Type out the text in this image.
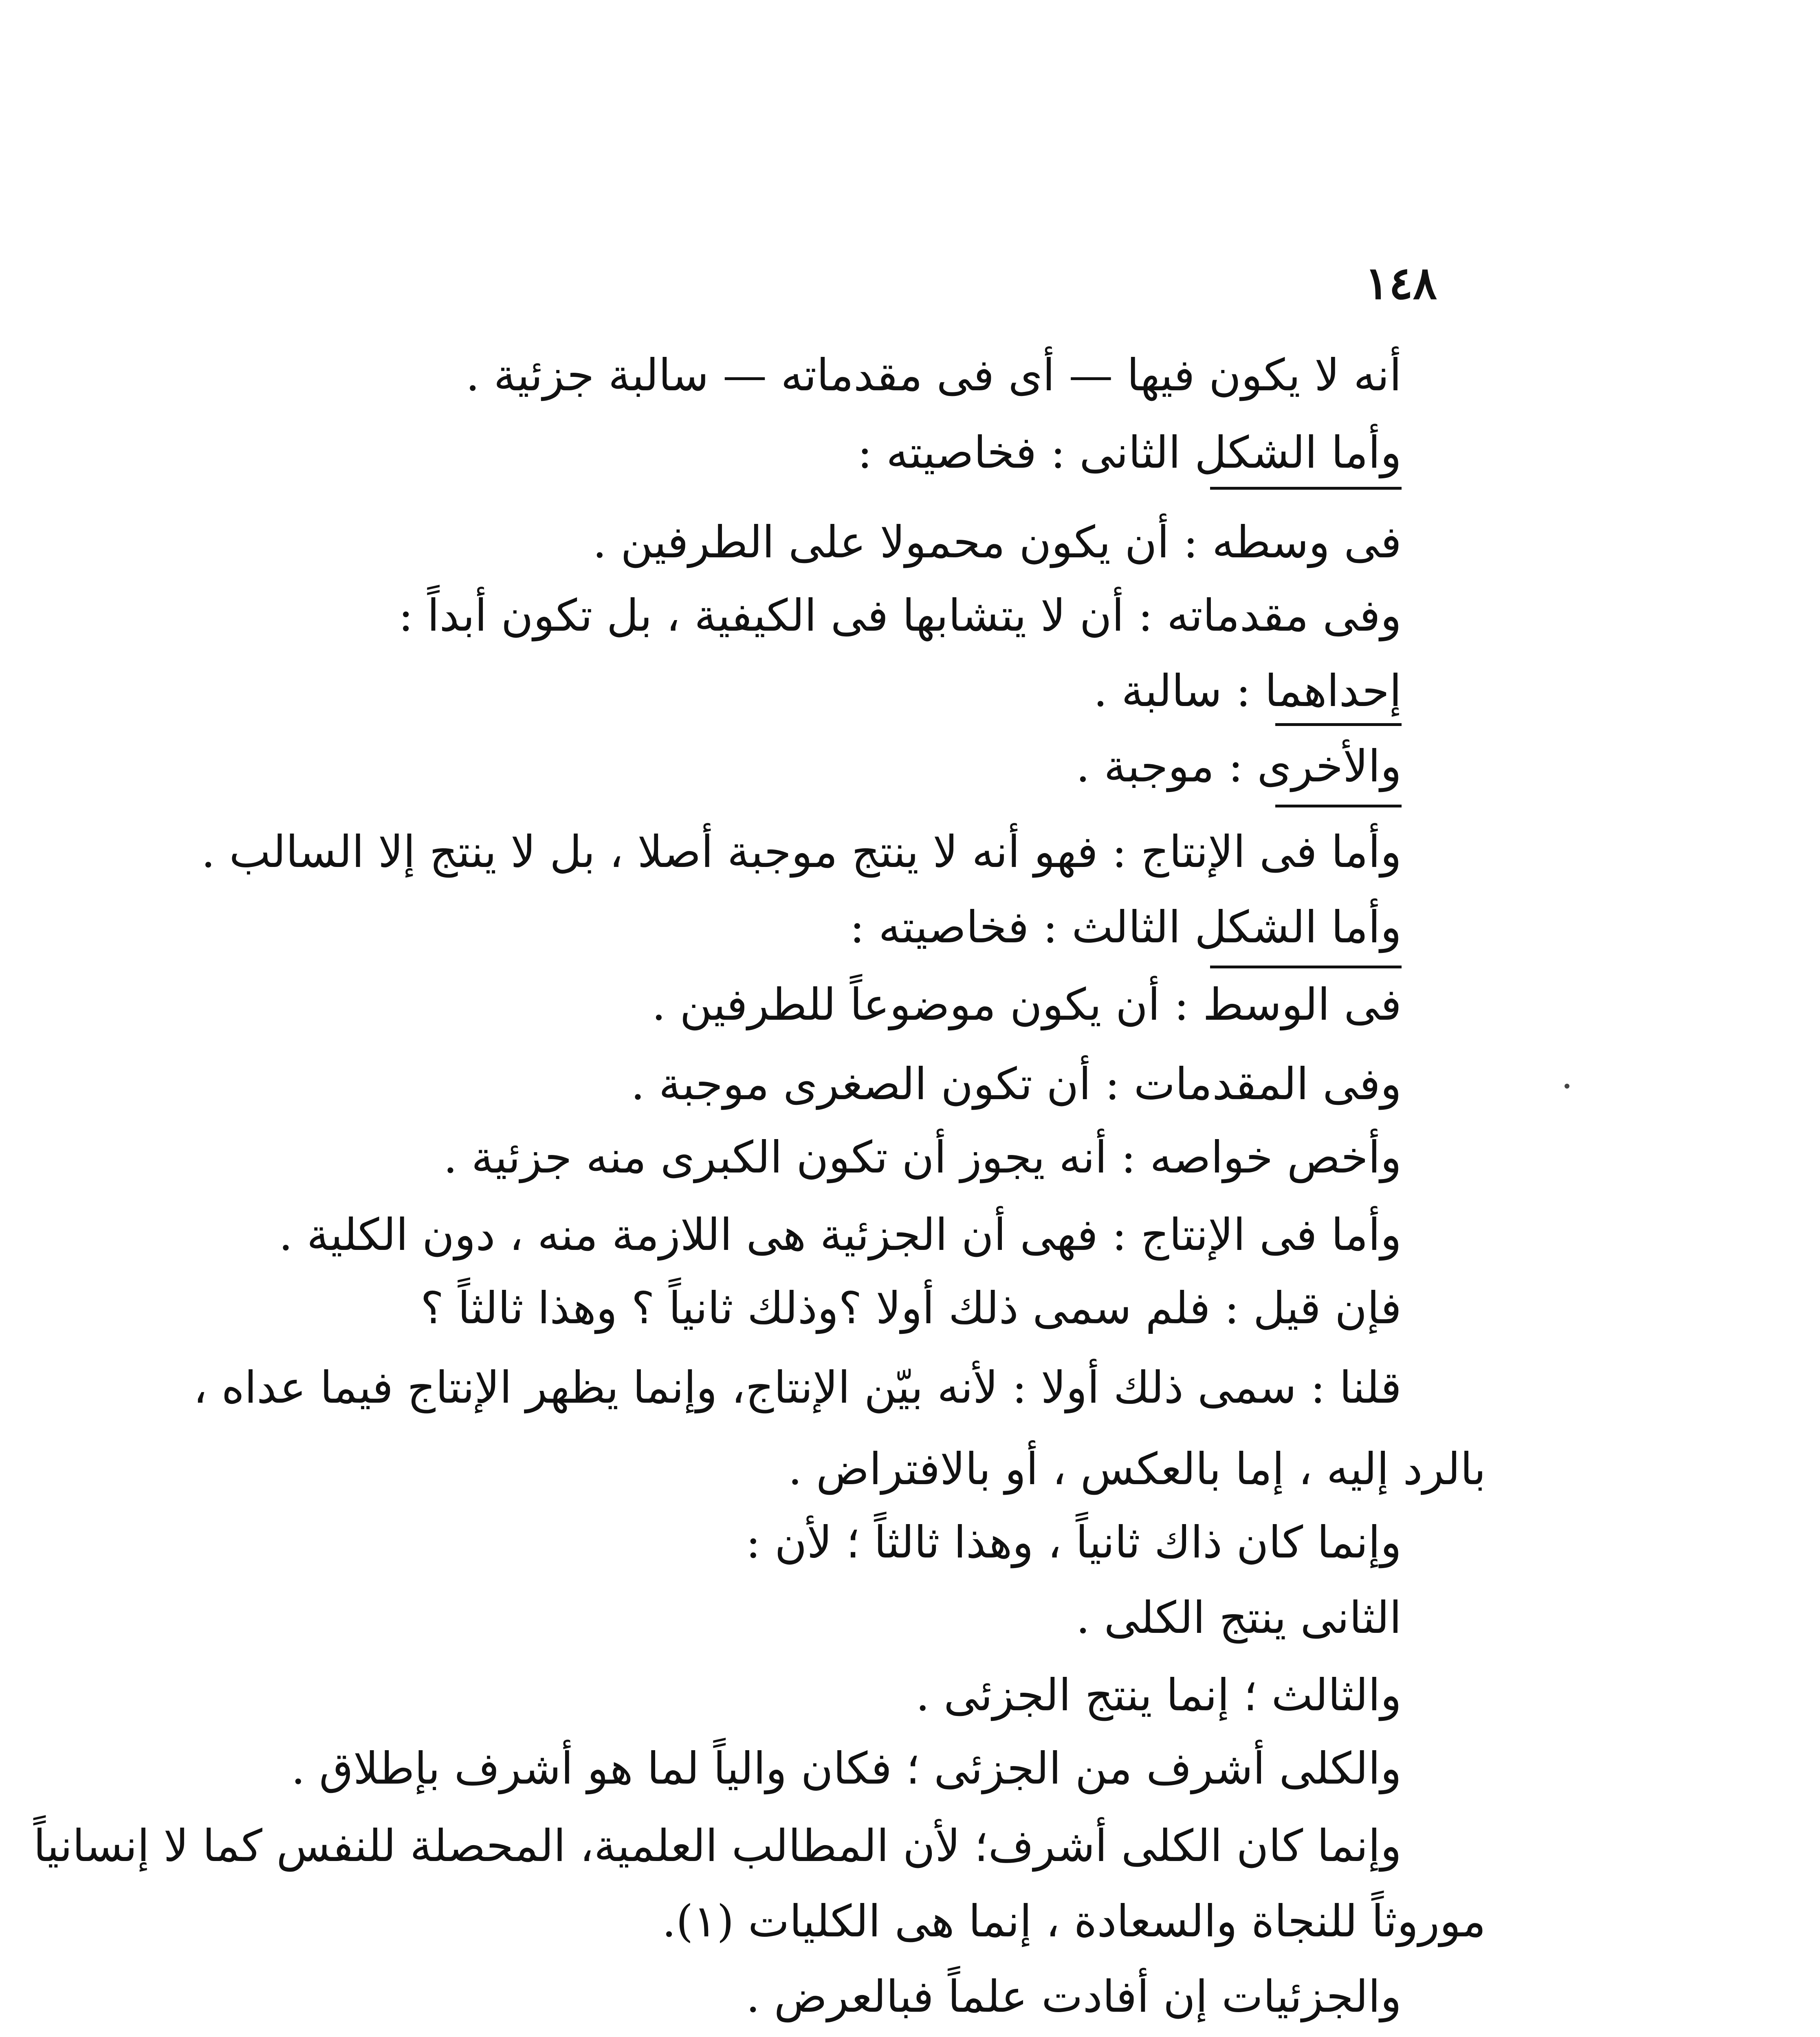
١٤٨
أنه لا يكون فيها — أى فى مقدماته — سالبة جزئية .
وأما الشكل الثانى : فخاصيته :
فى وسطه : أن يكون محمولا على الطرفين .
وفى مقدماته : أن لا يتشابها فى الكيفية ، بل تكون أبداً :
إحداهما : سالبة .
والأخرى : موجبة .
وأما فى الإنتاج : فهو أنه لا ينتج موجبة أصلا ، بل لا ينتج إلا السالب .
وأما الشكل الثالث : فخاصيته :
فى الوسط : أن يكون موضوعاً للطرفين .
وفى المقدمات : أن تكون الصغرى موجبة .
وأخص خواصه : أنه يجوز أن تكون الكبرى منه جزئية .
وأما فى الإنتاج : فهى أن الجزئية هى اللازمة منه ، دون الكلية .
فإن قيل : فلم سمى ذلك أولا ؟وذلك ثانياً ؟ وهذا ثالثاً ؟
قلنا : سمى ذلك أولا : لأنه بيّن الإنتاج، وإنما يظهر الإنتاج فيما عداه ،
بالرد إليه ، إما بالعكس ، أو بالافتراض .
وإنما كان ذاك ثانياً ، وهذا ثالثاً ؛ لأن :
الثانى ينتج الكلى .
والثالث ؛ إنما ينتج الجزئى .
والكلى أشرف من الجزئى ؛ فكان والياً لما هو أشرف بإطلاق .
وإنما كان الكلى أشرف؛ لأن المطالب العلمية، المحصلة للنفس كما لا إنسانياً
موروثاً للنجاة والسعادة ، إنما هى الكليات (١).
والجزئيات إن أفادت علماً فبالعرض .
